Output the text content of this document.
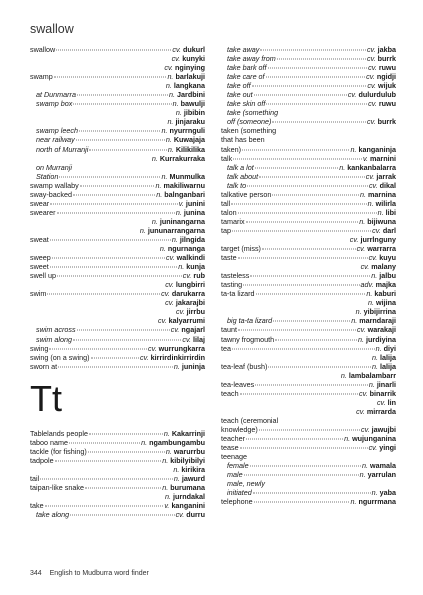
swallow
swallow	cv. dukurl
cv. kunyki
cv. nginying
swamp	n. barlakuji
n. langkana
at Dunmarra	n. Jardbini
swamp box	n. bawulji
n. jibibin
n. jinjaraku
swamp leech	n. nyurrnguli
near railway	n. Kuwajaja
north of Murranji	n. Kilikilika
n. Kurrakurraka
on Murranji
Station	n. Munmulka
swamp wallaby	n. makiliwarnu
sway-backed	n. balnganbari
swear	v. junini
swearer	n. junina
n. juninangarna
n. jununarrangarna
sweat	n. jilngida
n. ngurnanga
sweep	cv. walkindi
sweet	n. kunja
swell up	cv. rub
cv. lungbirri
swim	cv. darukarra
cv. jakarajbi
cv. jirrbu
cv. kalyarrumi
swim across	cv. ngajarl
swim along	cv. lilaj
swing	cv. wurrungkarra
swing (on a swing)	cv. kirrirdinkirrirdin
sworn at	n. juninja
Tt
Tablelands people	n. Kakarrinji
taboo name	n. ngambungambu
tackle (for fishing)	n. warurrbu
tadpole	n. kibilyibilyi
n. kirikira
tail	n. jawurd
taipan-like snake	n. burumana
n. jurndakal
take	v. kanganini
take along	cv. durru
take away	cv. jakba
take away from	cv. burrk
take bark off	cv. ruwu
take care of	cv. ngidji
take off	cv. wijuk
take out	cv. dulurdulub
take skin off	cv. ruwu
take (something
off (someone)	cv. burrk
taken (something
that has been
taken)	n. kanganinja
talk	v. marnini
talk a lot	n. kankanbalarra
talk about	cv. jarrak
talk to	cv. dikal
talkative person	n. marnina
tall	n. wilirla
talon	n. libi
tamarix	n. bijiwuna
tap	cv. darl
cv. jurrlnguny
target (miss)	cv. warrarra
taste	cv. kuyu
cv. malany
tasteless	n. jalbu
tasting	adv. majka
ta-ta lizard	n. kaburi
n. wijina
n. yibijirrina
big ta-ta lizard	n. marndaraji
taunt	cv. warakaji
tawny frogmouth	n. jurdiyina
tea	n. diyi
n. lalija
tea-leaf (bush)	n. lalija
n. lambalambarr
tea-leaves	n. jinarli
teach	cv. binarrik
cv. lin
cv. mirrarda
teach (ceremonial
knowledge)	cv. jawujbi
teacher	n. wujunganina
tease	cv. yingi
teenage
female	n. wamala
male	n. yarrulan
male, newly
initiated	n. yaba
telephone	n. ngurrmana
344 English to Mudburra word finder
